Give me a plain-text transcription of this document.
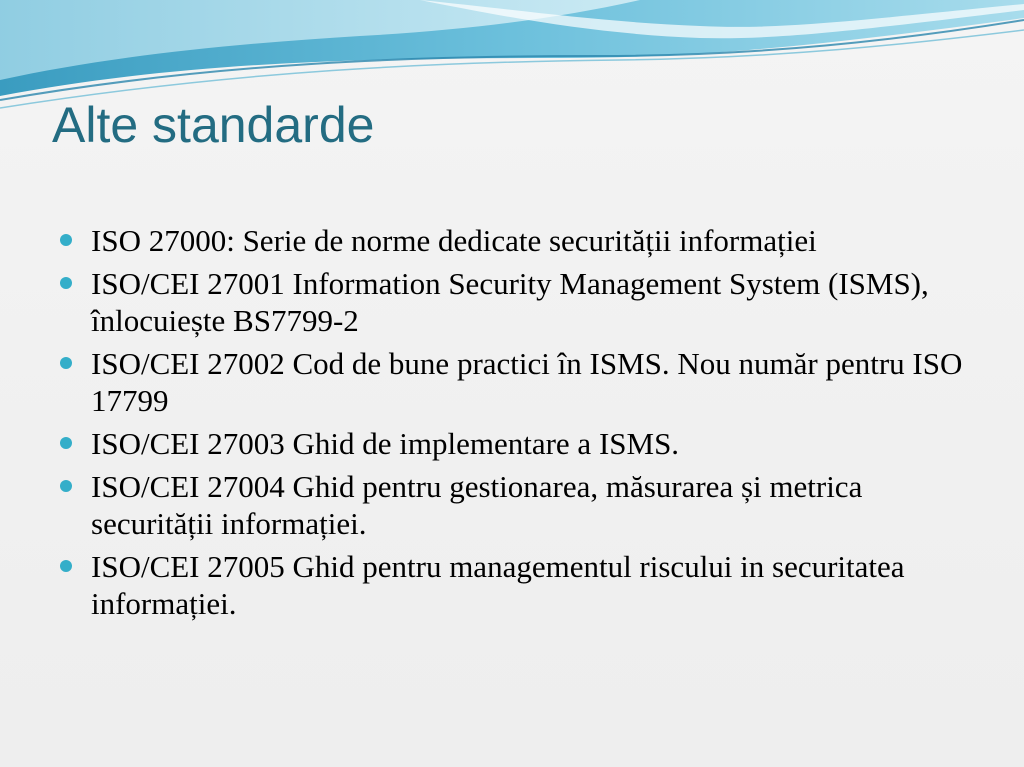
Alte standarde
ISO 27000: Serie de norme dedicate securității informației
ISO/CEI 27001 Information Security Management System (ISMS), înlocuiește BS7799-2
ISO/CEI 27002 Cod de bune practici în ISMS. Nou număr pentru ISO 17799
ISO/CEI 27003 Ghid de implementare a ISMS.
ISO/CEI 27004 Ghid pentru gestionarea, măsurarea și metrica securității informației.
ISO/CEI 27005 Ghid pentru managementul riscului in securitatea informației.
